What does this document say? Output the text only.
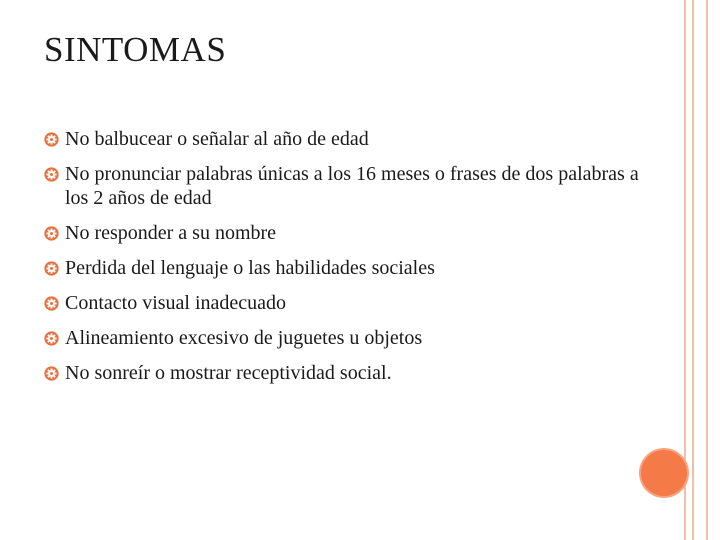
SINTOMAS
No balbucear o señalar al año de edad
No pronunciar palabras únicas a los 16 meses o frases de dos palabras a los 2 años de edad
No responder a su nombre
Perdida del lenguaje o las habilidades sociales
Contacto visual inadecuado
Alineamiento excesivo de juguetes u objetos
No sonreír o mostrar receptividad social.
